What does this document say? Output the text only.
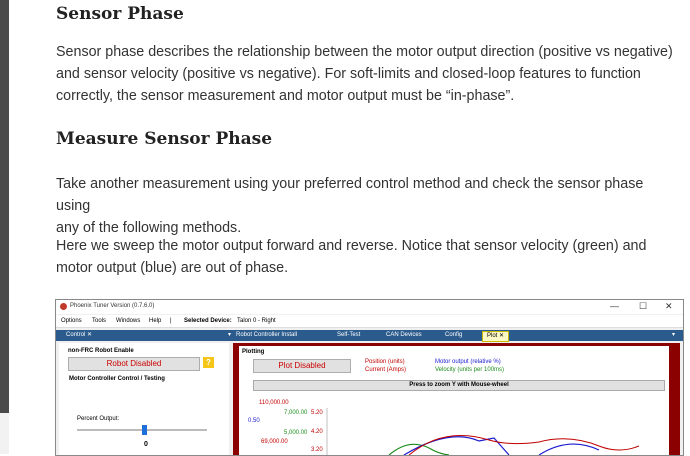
Sensor Phase

Sensor phase describes the relationship between the motor output direction (positive vs negative)
and sensor velocity (positive vs negative). For soft-limits and closed-loop features to function
correctly, the sensor measurement and motor output must be “in-phase”.

Measure Sensor Phase

Take another measurement using your preferred control method and check the sensor phase using
any of the following methods.

Here we sweep the motor output forward and reverse. Notice that sensor velocity (green) and
motor output (blue) are out of phase.

Phoenix Tuner Version (0.7.6.0)	— ☐ ✕
Options Tools Windows Help | Selected Device: Talon 0 - Right
Control ✕	▾ Robot Controller Install	Self-Test	CAN Devices	Config	Plot ✕	▾
non-FRC Robot Enable
Robot Disabled	?
Motor Controller Control / Testing
Percent Output:
0
Plotting
Plot Disabled	Position (units)
Current (Amps)
Motor output (relative %)
Velocity (units per 100ms)
Press to zoom Y with Mouse-wheel
110,000.00
7,000.00 5.20
0.50
5,000.00 4.20
69,000.00
3.20
